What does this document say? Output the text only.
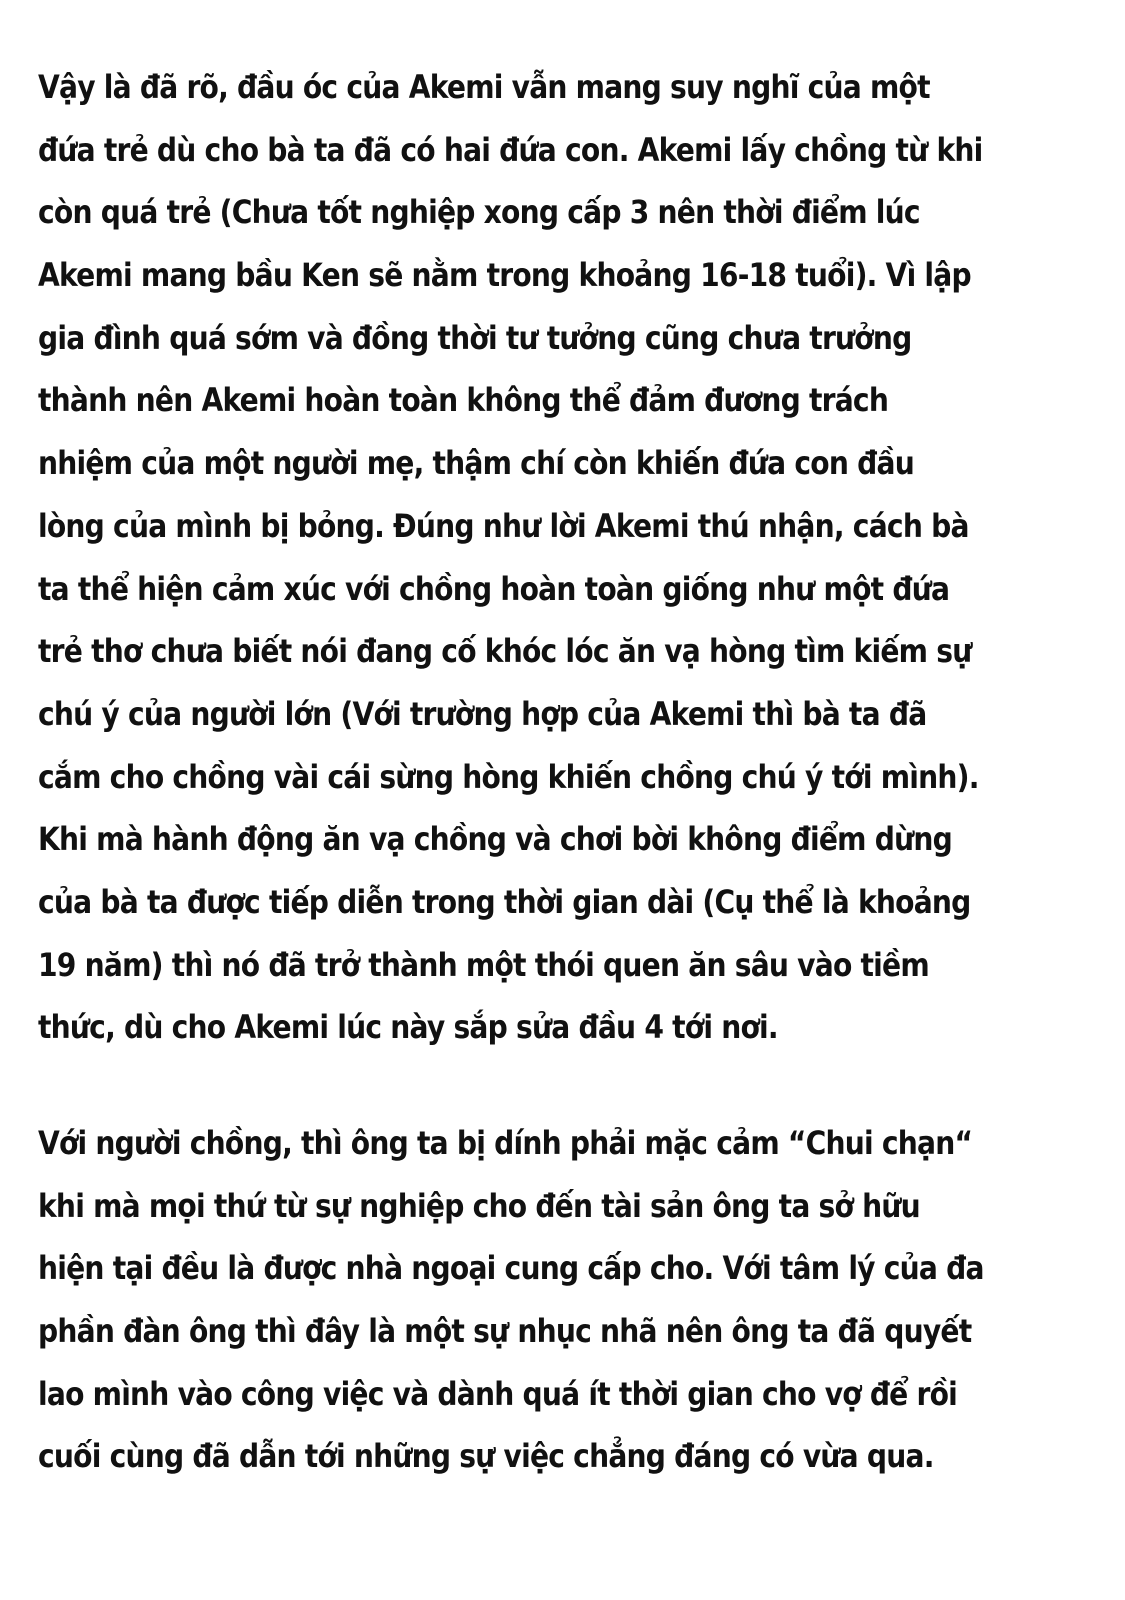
Vậy là đã rõ, đầu óc của Akemi vẫn mang suy nghĩ của một
đứa trẻ dù cho bà ta đã có hai đứa con. Akemi lấy chồng từ khi
còn quá trẻ (Chưa tốt nghiệp xong cấp 3 nên thời điểm lúc
Akemi mang bầu Ken sẽ nằm trong khoảng 16-18 tuổi). Vì lập
gia đình quá sớm và đồng thời tư tưởng cũng chưa trưởng
thành nên Akemi hoàn toàn không thể đảm đương trách
nhiệm của một người mẹ, thậm chí còn khiến đứa con đầu
lòng của mình bị bỏng. Đúng như lời Akemi thú nhận, cách bà
ta thể hiện cảm xúc với chồng hoàn toàn giống như một đứa
trẻ thơ chưa biết nói đang cố khóc lóc ăn vạ hòng tìm kiếm sự
chú ý của người lớn (Với trường hợp của Akemi thì bà ta đã
cắm cho chồng vài cái sừng hòng khiến chồng chú ý tới mình).
Khi mà hành động ăn vạ chồng và chơi bời không điểm dừng
của bà ta được tiếp diễn trong thời gian dài (Cụ thể là khoảng
19 năm) thì nó đã trở thành một thói quen ăn sâu vào tiềm
thức, dù cho Akemi lúc này sắp sửa đầu 4 tới nơi.
Với người chồng, thì ông ta bị dính phải mặc cảm “Chui chạn“
khi mà mọi thứ từ sự nghiệp cho đến tài sản ông ta sở hữu
hiện tại đều là được nhà ngoại cung cấp cho. Với tâm lý của đa
phần đàn ông thì đây là một sự nhục nhã nên ông ta đã quyết
lao mình vào công việc và dành quá ít thời gian cho vợ để rồi
cuối cùng đã dẫn tới những sự việc chẳng đáng có vừa qua.
